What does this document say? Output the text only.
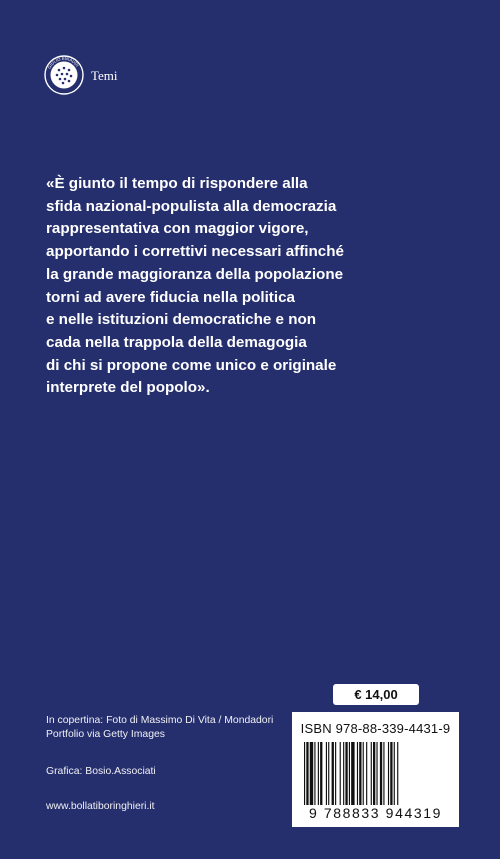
GIULIO EINAUDI
Temi
«È giunto il tempo di rispondere alla
sfida nazional-populista alla democrazia
rappresentativa con maggior vigore,
apportando i correttivi necessari affinché
la grande maggioranza della popolazione
torni ad avere fiducia nella politica
e nelle istituzioni democratiche e non
cada nella trappola della demagogia
di chi si propone come unico e originale
interprete del popolo».
In copertina: Foto di Massimo Di Vita / Mondadori
Portfolio via Getty Images
Grafica: Bosio.Associati
www.bollatiboringhieri.it
€ 14,00
ISBN 978-88-339-4431-9
9 788833 944319
